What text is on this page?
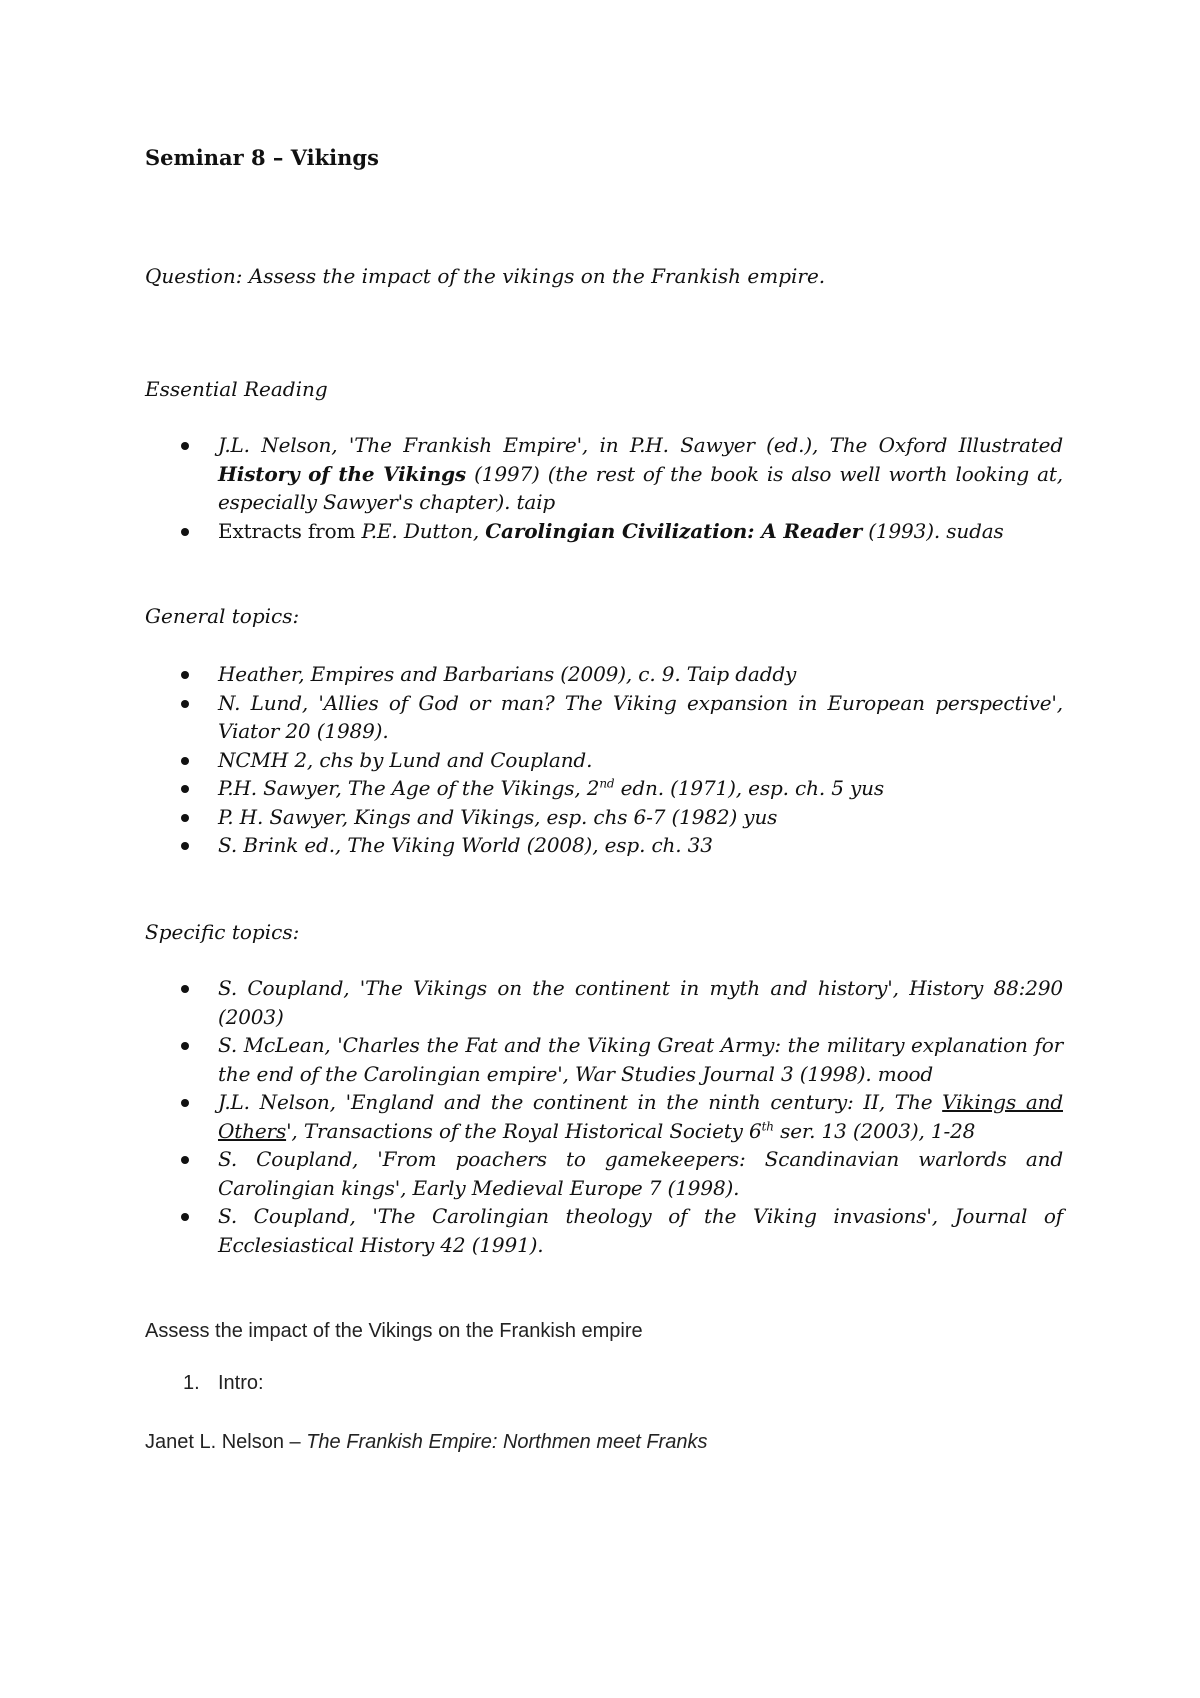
Seminar 8 – Vikings

Question: Assess the impact of the vikings on the Frankish empire.

Essential Reading

J.L. Nelson, 'The Frankish Empire', in P.H. Sawyer (ed.), The Oxford Illustrated History of the Vikings (1997) (the rest of the book is also well worth looking at, especially Sawyer's chapter). taip
Extracts from P.E. Dutton, Carolingian Civilization: A Reader (1993). sudas

General topics:

Heather, Empires and Barbarians (2009), c. 9. Taip daddy
N. Lund, 'Allies of God or man? The Viking expansion in European perspective', Viator 20 (1989).
NCMH 2, chs by Lund and Coupland.
P.H. Sawyer, The Age of the Vikings, 2nd edn. (1971), esp. ch. 5 yus
P. H. Sawyer, Kings and Vikings, esp. chs 6-7 (1982) yus
S. Brink ed., The Viking World (2008), esp. ch. 33

Specific topics:

S. Coupland, 'The Vikings on the continent in myth and history', History 88:290 (2003)
S. McLean, 'Charles the Fat and the Viking Great Army: the military explanation for the end of the Carolingian empire', War Studies Journal 3 (1998). mood
J.L. Nelson, 'England and the continent in the ninth century: II, The Vikings and Others', Transactions of the Royal Historical Society 6th ser. 13 (2003), 1-28
S. Coupland, 'From poachers to gamekeepers: Scandinavian warlords and Carolingian kings', Early Medieval Europe 7 (1998).
S. Coupland, 'The Carolingian theology of the Viking invasions', Journal of Ecclesiastical History 42 (1991).

Assess the impact of the Vikings on the Frankish empire

1. Intro:

Janet L. Nelson – The Frankish Empire: Northmen meet Franks
